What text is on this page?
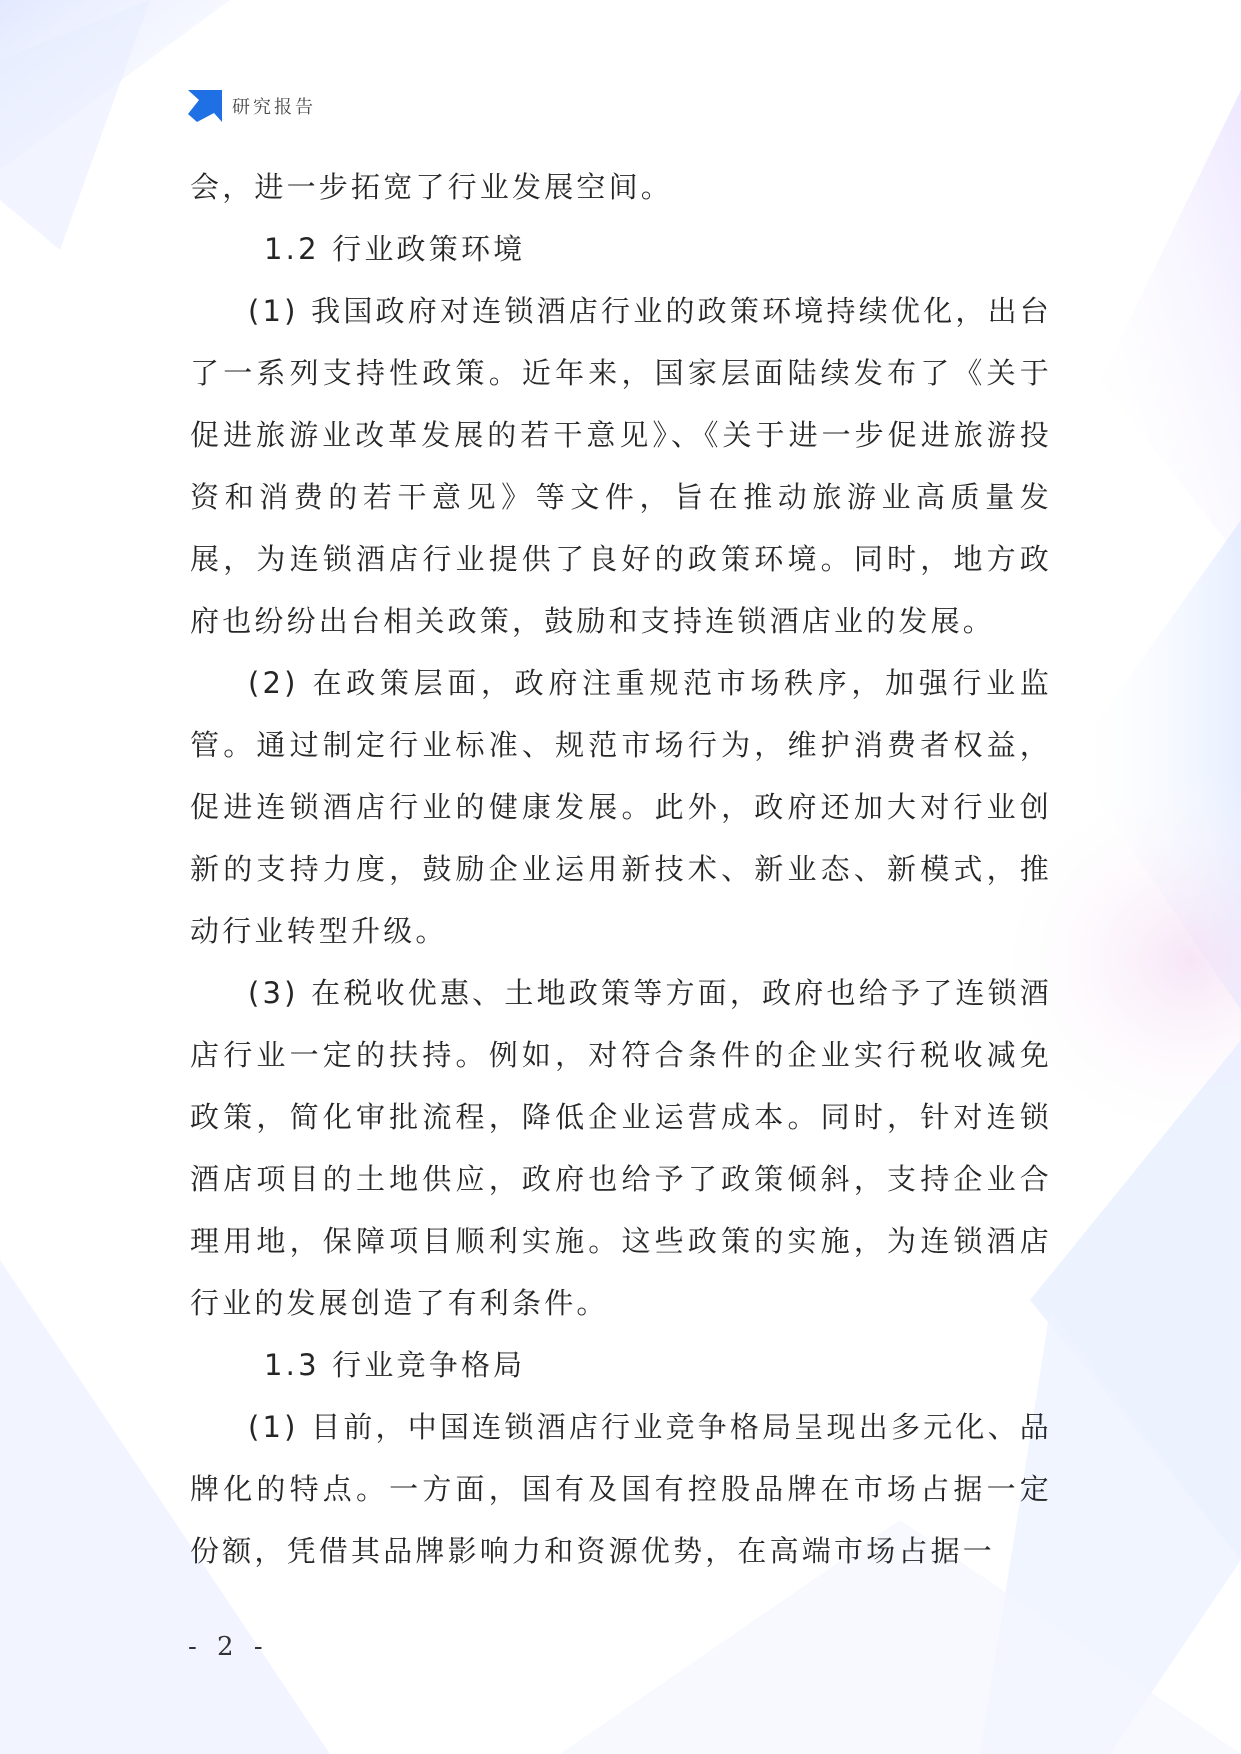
研究报告

会，进一步拓宽了行业发展空间。

1.2 行业政策环境

(1) 我国政府对连锁酒店行业的政策环境持续优化，出台了一系列支持性政策。近年来，国家层面陆续发布了《关于促进旅游业改革发展的若干意见》、《关于进一步促进旅游投资和消费的若干意见》等文件，旨在推动旅游业高质量发展，为连锁酒店行业提供了良好的政策环境。同时，地方政府也纷纷出台相关政策，鼓励和支持连锁酒店业的发展。

(2) 在政策层面，政府注重规范市场秩序，加强行业监管。通过制定行业标准、规范市场行为，维护消费者权益，促进连锁酒店行业的健康发展。此外，政府还加大对行业创新的支持力度，鼓励企业运用新技术、新业态、新模式，推动行业转型升级。

(3) 在税收优惠、土地政策等方面，政府也给予了连锁酒店行业一定的扶持。例如，对符合条件的企业实行税收减免政策，简化审批流程，降低企业运营成本。同时，针对连锁酒店项目的土地供应，政府也给予了政策倾斜，支持企业合理用地，保障项目顺利实施。这些政策的实施，为连锁酒店行业的发展创造了有利条件。

1.3 行业竞争格局

(1) 目前，中国连锁酒店行业竞争格局呈现出多元化、品牌化的特点。一方面，国有及国有控股品牌在市场占据一定份额，凭借其品牌影响力和资源优势，在高端市场占据一

- 2 -
